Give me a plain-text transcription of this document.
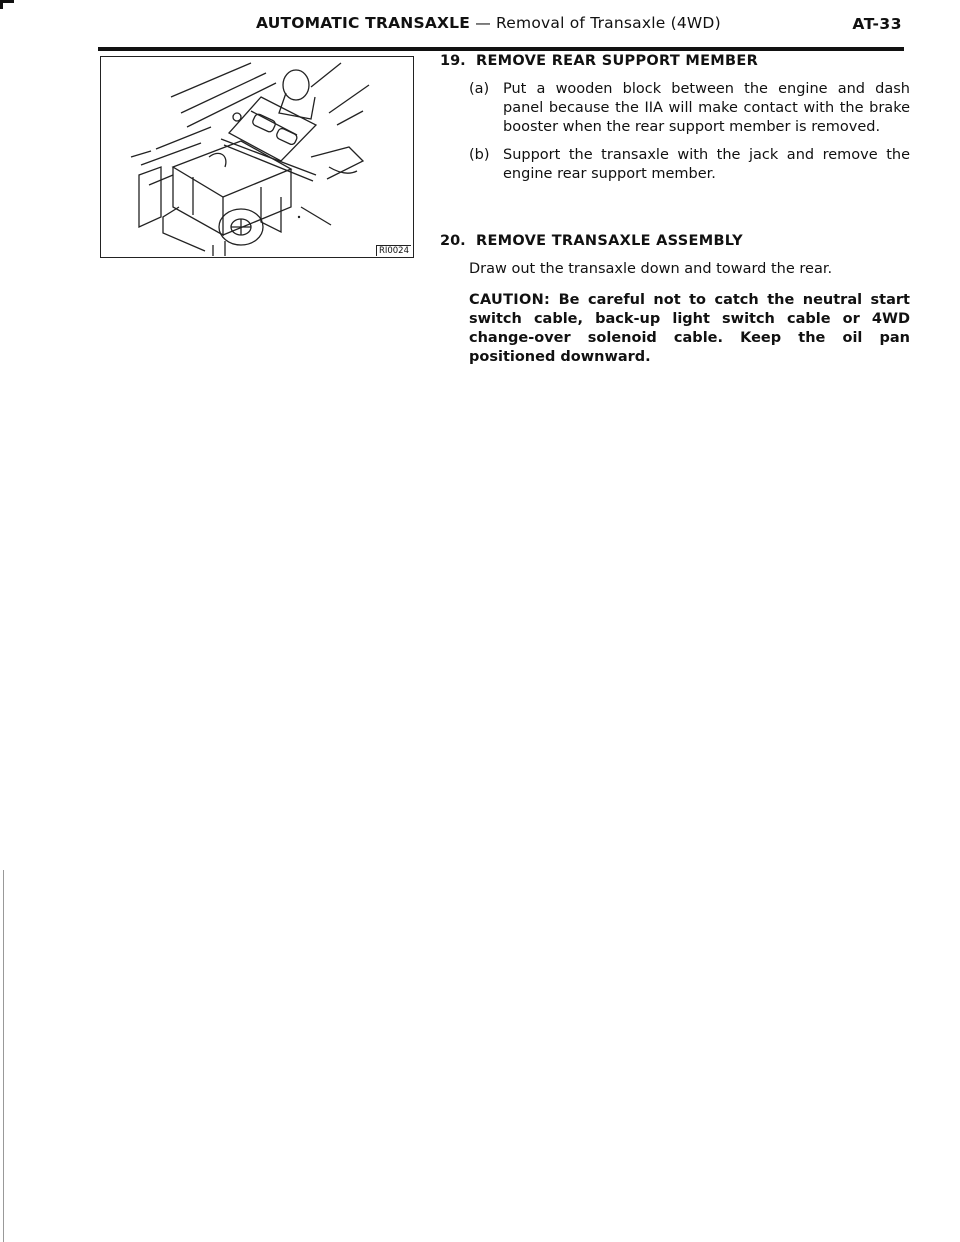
AUTOMATIC TRANSAXLE — Removal of Transaxle (4WD)	AT-33
RI0024
19. REMOVE REAR SUPPORT MEMBER
(a) Put a wooden block between the engine and dash panel because the IIA will make contact with the brake booster when the rear support member is removed.
(b) Support the transaxle with the jack and remove the engine rear support member.
20. REMOVE TRANSAXLE ASSEMBLY
Draw out the transaxle down and toward the rear.
CAUTION: Be careful not to catch the neutral start switch cable, back-up light switch cable or 4WD change-over solenoid cable. Keep the oil pan positioned downward.
